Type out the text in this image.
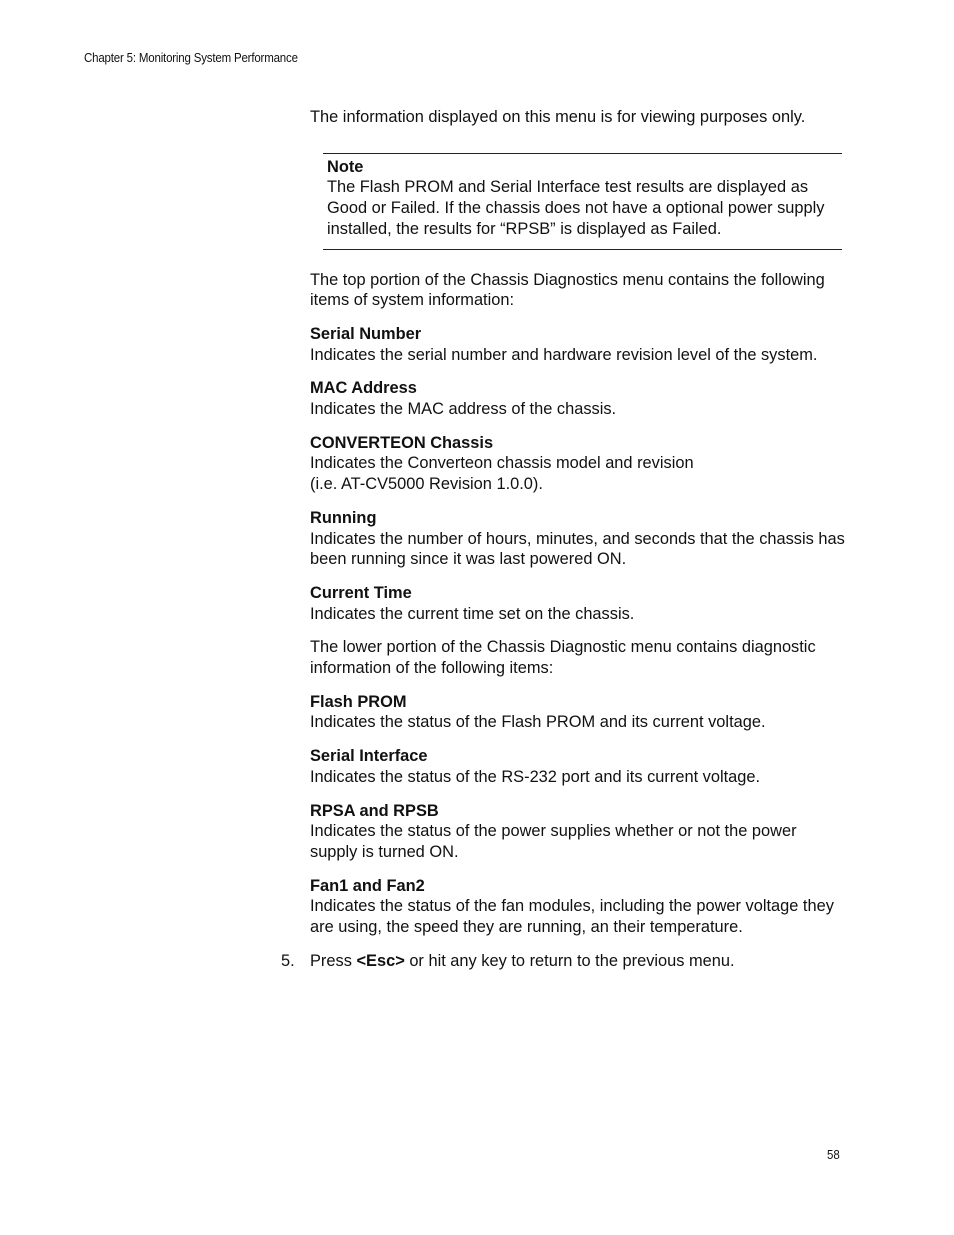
Chapter 5: Monitoring System Performance

The information displayed on this menu is for viewing purposes only.

Note
The Flash PROM and Serial Interface test results are displayed as Good or Failed. If the chassis does not have a optional power supply installed, the results for “RPSB” is displayed as Failed.

The top portion of the Chassis Diagnostics menu contains the following items of system information:

Serial Number
Indicates the serial number and hardware revision level of the system.
MAC Address
Indicates the MAC address of the chassis.
CONVERTEON Chassis
Indicates the Converteon chassis model and revision
(i.e. AT-CV5000 Revision 1.0.0).
Running
Indicates the number of hours, minutes, and seconds that the chassis has been running since it was last powered ON.
Current Time
Indicates the current time set on the chassis.

The lower portion of the Chassis Diagnostic menu contains diagnostic information of the following items:

Flash PROM
Indicates the status of the Flash PROM and its current voltage.
Serial Interface
Indicates the status of the RS-232 port and its current voltage.
RPSA and RPSB
Indicates the status of the power supplies whether or not the power supply is turned ON.
Fan1 and Fan2
Indicates the status of the fan modules, including the power voltage they are using, the speed they are running, an their temperature.
5. Press <Esc> or hit any key to return to the previous menu.
58
